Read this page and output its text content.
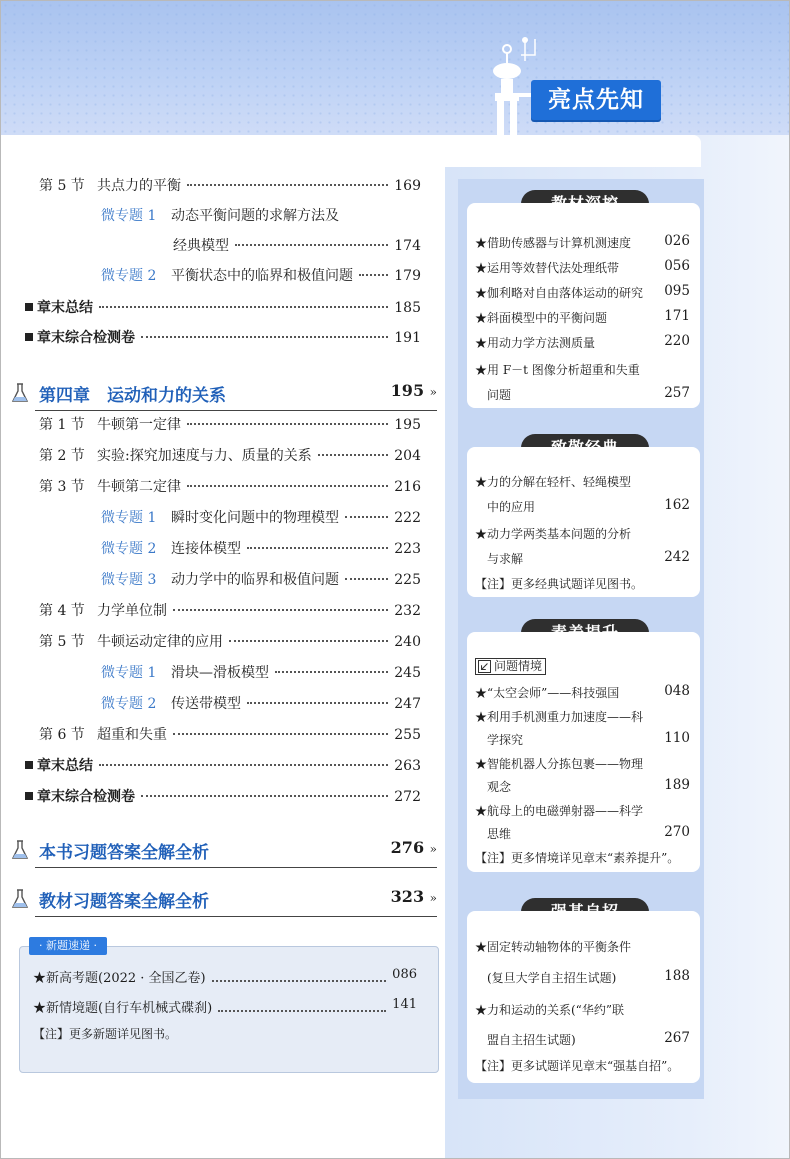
亮点先知
第 5 节 共点力的平衡	169
微专题 1	动态平衡问题的求解方法及
经典模型	174
微专题 2	平衡状态中的临界和极值问题	179
章末总结	185
章末综合检测卷	191
第四章　运动和力的关系	195 »
第 1 节 牛顿第一定律	195
第 2 节 实验:探究加速度与力、质量的关系	204
第 3 节 牛顿第二定律	216
微专题 1	瞬时变化问题中的物理模型	222
微专题 2	连接体模型	223
微专题 3	动力学中的临界和极值问题	225
第 4 节 力学单位制	232
第 5 节 牛顿运动定律的应用	240
微专题 1	滑块—滑板模型	245
微专题 2	传送带模型	247
第 6 节 超重和失重	255
章末总结	263
章末综合检测卷	272
本书习题答案全解全析	276 »
教材习题答案全解全析	323 »
· 新题速递 ·
★新高考题(2022 · 全国乙卷)	086
★新情境题(自行车机械式碟刹)	141
【注】更多新题详见图书。
★借助传感器与计算机测速度 026
★运用等效替代法处理纸带	056
★伽利略对自由落体运动的研究 095
★斜面模型中的平衡问题	171
★用动力学方法测质量	220
★用 F－t 图像分析超重和失重
　问题	257
★力的分解在轻杆、轻绳模型
　中的应用	162
★动力学两类基本问题的分析
　与求解	242
【注】更多经典试题详见图书。
问题情境
★“太空会师”——科技强国	048
★利用手机测重力加速度——科
　学探究	110
★智能机器人分拣包裹——物理
　观念	189
★航母上的电磁弹射器——科学
　思维	270
【注】更多情境详见章末“素养提升”。
★固定转动轴物体的平衡条件
　(复旦大学自主招生试题)	188
★力和运动的关系(“华约”联
　盟自主招生试题)	267
【注】更多试题详见章末“强基自招”。
